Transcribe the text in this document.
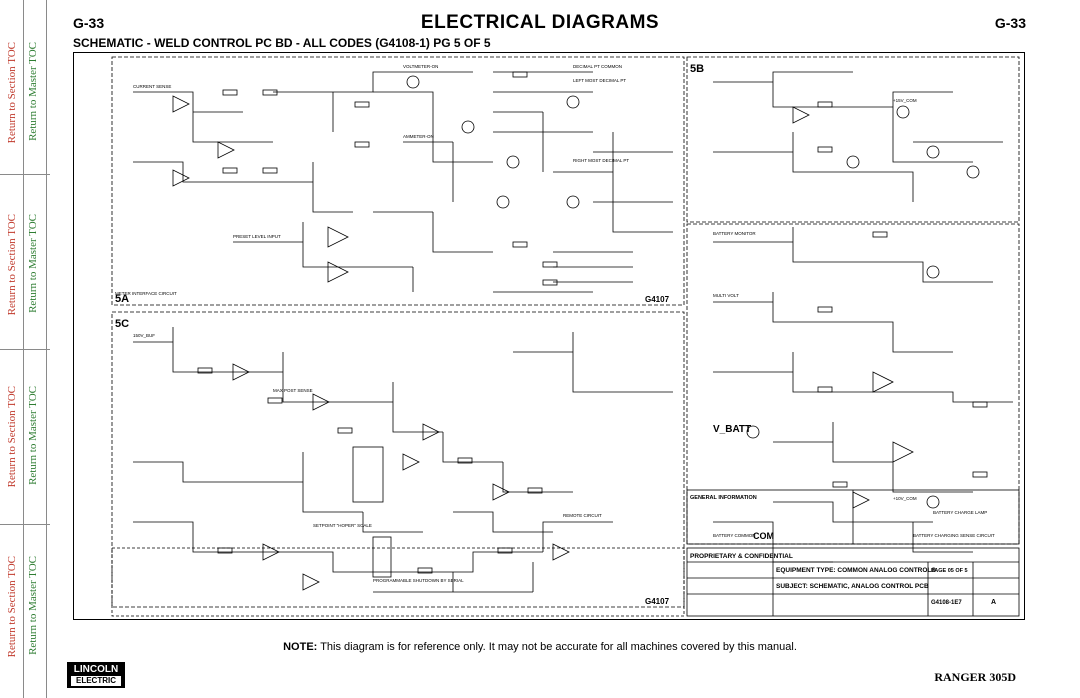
Return to Section TOC Return to Master TOC
Return to Section TOC Return to Master TOC
Return to Section TOC Return to Master TOC
Return to Section TOC Return to Master TOC
G-33	ELECTRICAL DIAGRAMS	G-33
SCHEMATIC - WELD CONTROL PC BD - ALL CODES (G4108-1) PG 5 OF 5
5A
5C
5B
G4107
G4107
V_BATT
COM
PROPRIETARY & CONFIDENTIAL
EQUIPMENT TYPE: COMMON ANALOG CONTROLS
SUBJECT: SCHEMATIC, ANALOG CONTROL PCB
PAGE 05 OF 5
G4108-1E7	A
GENERAL INFORMATION
CURRENT SENSE
VOLTMETER-ON
AMMETER-ON
LEFT MOST DECIMAL PT
RIGHT MOST DECIMAL PT
METER INTERFACE CIRCUIT
PRESET LEVEL INPUT
DECIMAL PT COMMON
BATTERY MONITOR
MULTI VOLT
BATTERY CHARGE LAMP
BATTERY COMMON	BATTERY CHARGING SENSE CIRCUIT
SETPOINT "HOPER" SCALE
PROGRAMMABLE SHUTDOWN BY SERIAL
REMOTE CIRCUIT
MAX POST SENSE
+15V_COM
+10V_COM
150V_BUF
NOTE: This diagram is for reference only. It may not be accurate for all machines covered by this manual.
LINCOLN
ELECTRIC	RANGER 305D
